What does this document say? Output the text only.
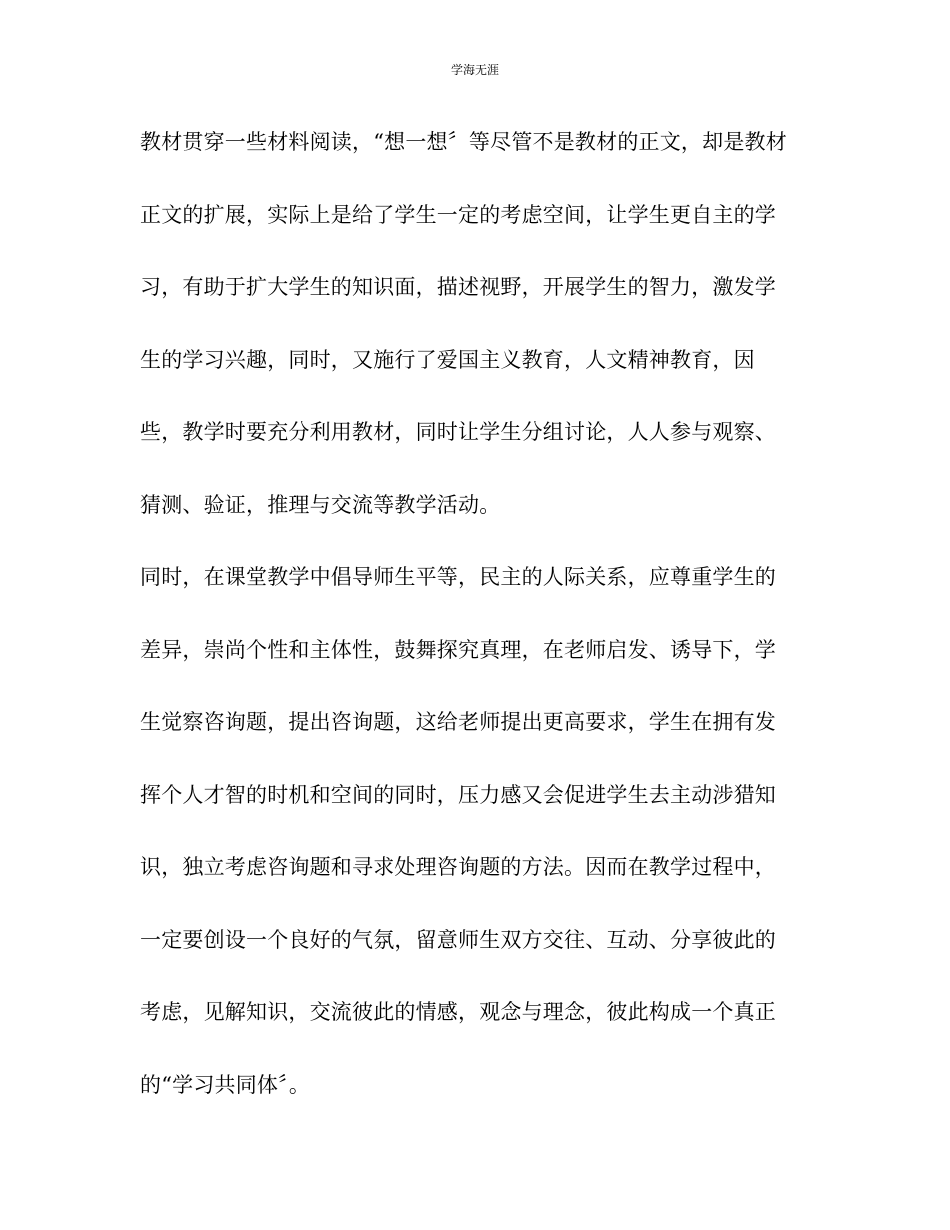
学海无涯
教材贯穿一些材料阅读，“想一想〞等尽管不是教材的正文，却是教材
正文的扩展，实际上是给了学生一定的考虑空间，让学生更自主的学
习，有助于扩大学生的知识面，描述视野，开展学生的智力，激发学
生的学习兴趣，同时，又施行了爱国主义教育，人文精神教育，因
些，教学时要充分利用教材，同时让学生分组讨论，人人参与观察、
猜测、验证，推理与交流等教学活动。
同时，在课堂教学中倡导师生平等，民主的人际关系，应尊重学生的
差异，崇尚个性和主体性，鼓舞探究真理，在老师启发、诱导下，学
生觉察咨询题，提出咨询题，这给老师提出更高要求，学生在拥有发
挥个人才智的时机和空间的同时，压力感又会促进学生去主动涉猎知
识，独立考虑咨询题和寻求处理咨询题的方法。因而在教学过程中，
一定要创设一个良好的气氛，留意师生双方交往、互动、分享彼此的
考虑，见解知识，交流彼此的情感，观念与理念，彼此构成一个真正
的“学习共同体〞。
